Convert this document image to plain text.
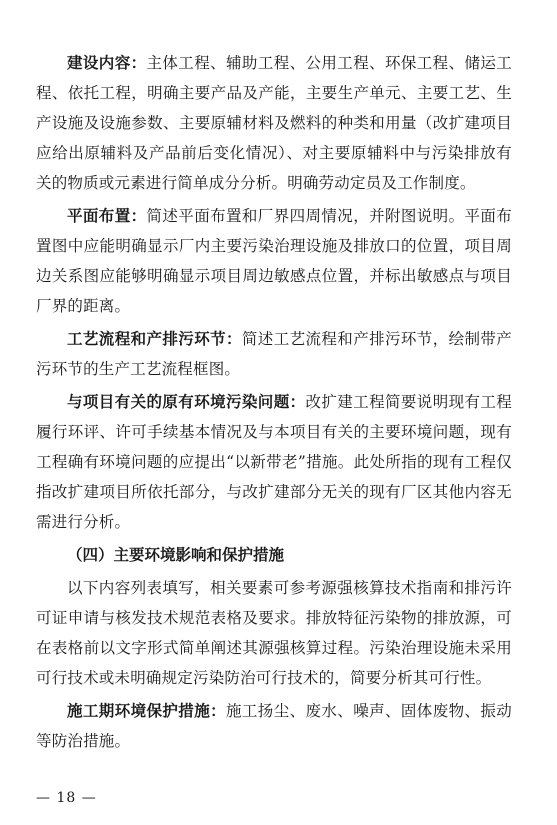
建设内容：主体工程、辅助工程、公用工程、环保工程、储运工程、依托工程，明确主要产品及产能，主要生产单元、主要工艺、生产设施及设施参数、主要原辅材料及燃料的种类和用量（改扩建项目应给出原辅料及产品前后变化情况）、对主要原辅料中与污染排放有关的物质或元素进行简单成分分析。明确劳动定员及工作制度。

平面布置：简述平面布置和厂界四周情况，并附图说明。平面布置图中应能明确显示厂内主要污染治理设施及排放口的位置，项目周边关系图应能够明确显示项目周边敏感点位置，并标出敏感点与项目厂界的距离。

工艺流程和产排污环节：简述工艺流程和产排污环节，绘制带产污环节的生产工艺流程框图。

与项目有关的原有环境污染问题：改扩建工程简要说明现有工程履行环评、许可手续基本情况及与本项目有关的主要环境问题，现有工程确有环境问题的应提出“以新带老”措施。此处所指的现有工程仅指改扩建项目所依托部分，与改扩建部分无关的现有厂区其他内容无需进行分析。

（四）主要环境影响和保护措施

以下内容列表填写，相关要素可参考源强核算技术指南和排污许可证申请与核发技术规范表格及要求。排放特征污染物的排放源，可在表格前以文字形式简单阐述其源强核算过程。污染治理设施未采用可行技术或未明确规定污染防治可行技术的，简要分析其可行性。

施工期环境保护措施：施工扬尘、废水、噪声、固体废物、振动等防治措施。

— 18 —
